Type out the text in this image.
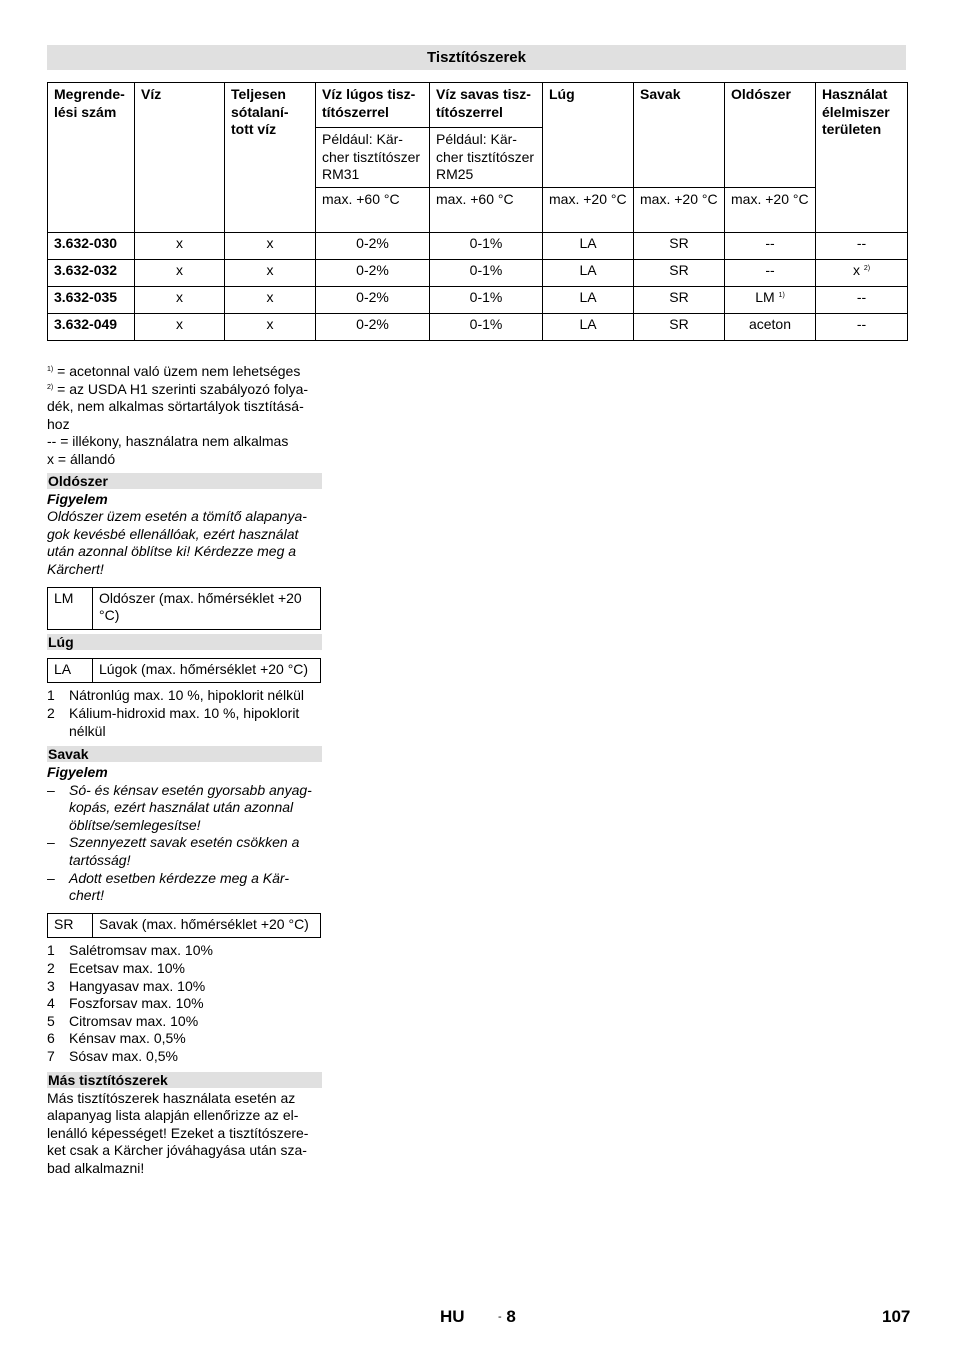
Tisztítószerek
Megrende-lési szám	Víz	Teljesen sótalaní-tott víz	Víz lúgos tisz-títószerrel	Víz savas tisz-títószerrel	Lúg	Savak	Oldószer	Használat élelmiszer területen
			Például: Kär-cher tisztítószer RM31	Például: Kär-cher tisztítószer RM25				
			max. +60 °C	max. +60 °C	max. +20 °C	max. +20 °C	max. +20 °C	
3.632-030	x	x	0-2%	0-1%	LA	SR	--	--
3.632-032	x	x	0-2%	0-1%	LA	SR	--	x $^{2)}$
3.632-035	x	x	0-2%	0-1%	LA	SR	LM $^{1)}$	--
3.632-049	x	x	0-2%	0-1%	LA	SR	aceton	--

$^{1)}$ = acetonnal való üzem nem lehetséges

$^{2)}$ = az USDA H1 szerinti szabályozó folya-dék, nem alkalmas sörtartályok tisztításá-hoz

-- = illékony, használatra nem alkalmas

x = állandó

Oldószer

Figyelem

Oldószer üzem esetén a tömítő alapanya-gok kevésbé ellenállóak, ezért használat után azonnal öblítse ki! Kérdezze meg a Kärchert!

LM	Oldószer (max. hőmérséklet +20 °C)
Lúg
LA	Lúgok (max. hőmérséklet +20 °C)
1	Nátronlúg max. 10 %, hipoklorit nélkül
2	Kálium-hidroxid max. 10 %, hipoklorit nélkül
Savak

Figyelem

–	Só- és kénsav esetén gyorsabb anyag-kopás, ezért használat után azonnal öblítse/semlegesítse!
–	Szennyezett savak esetén csökken a tartósság!
–	Adott esetben kérdezze meg a Kär-chert!
SR	Savak (max. hőmérséklet +20 °C)
1	Salétromsav max. 10%
2	Ecetsav max. 10%
3	Hangyasav max. 10%
4	Foszforsav max. 10%
5	Citromsav max. 10%
6	Kénsav max. 0,5%
7	Sósav max. 0,5%
Más tisztítószerek

Más tisztítószerek használata esetén az alapanyag lista alapján ellenőrizze az el-lenálló képességet! Ezeket a tisztítószere-ket csak a Kärcher jóváhagyása után sza-bad alkalmazni!

HU	- 8	107
